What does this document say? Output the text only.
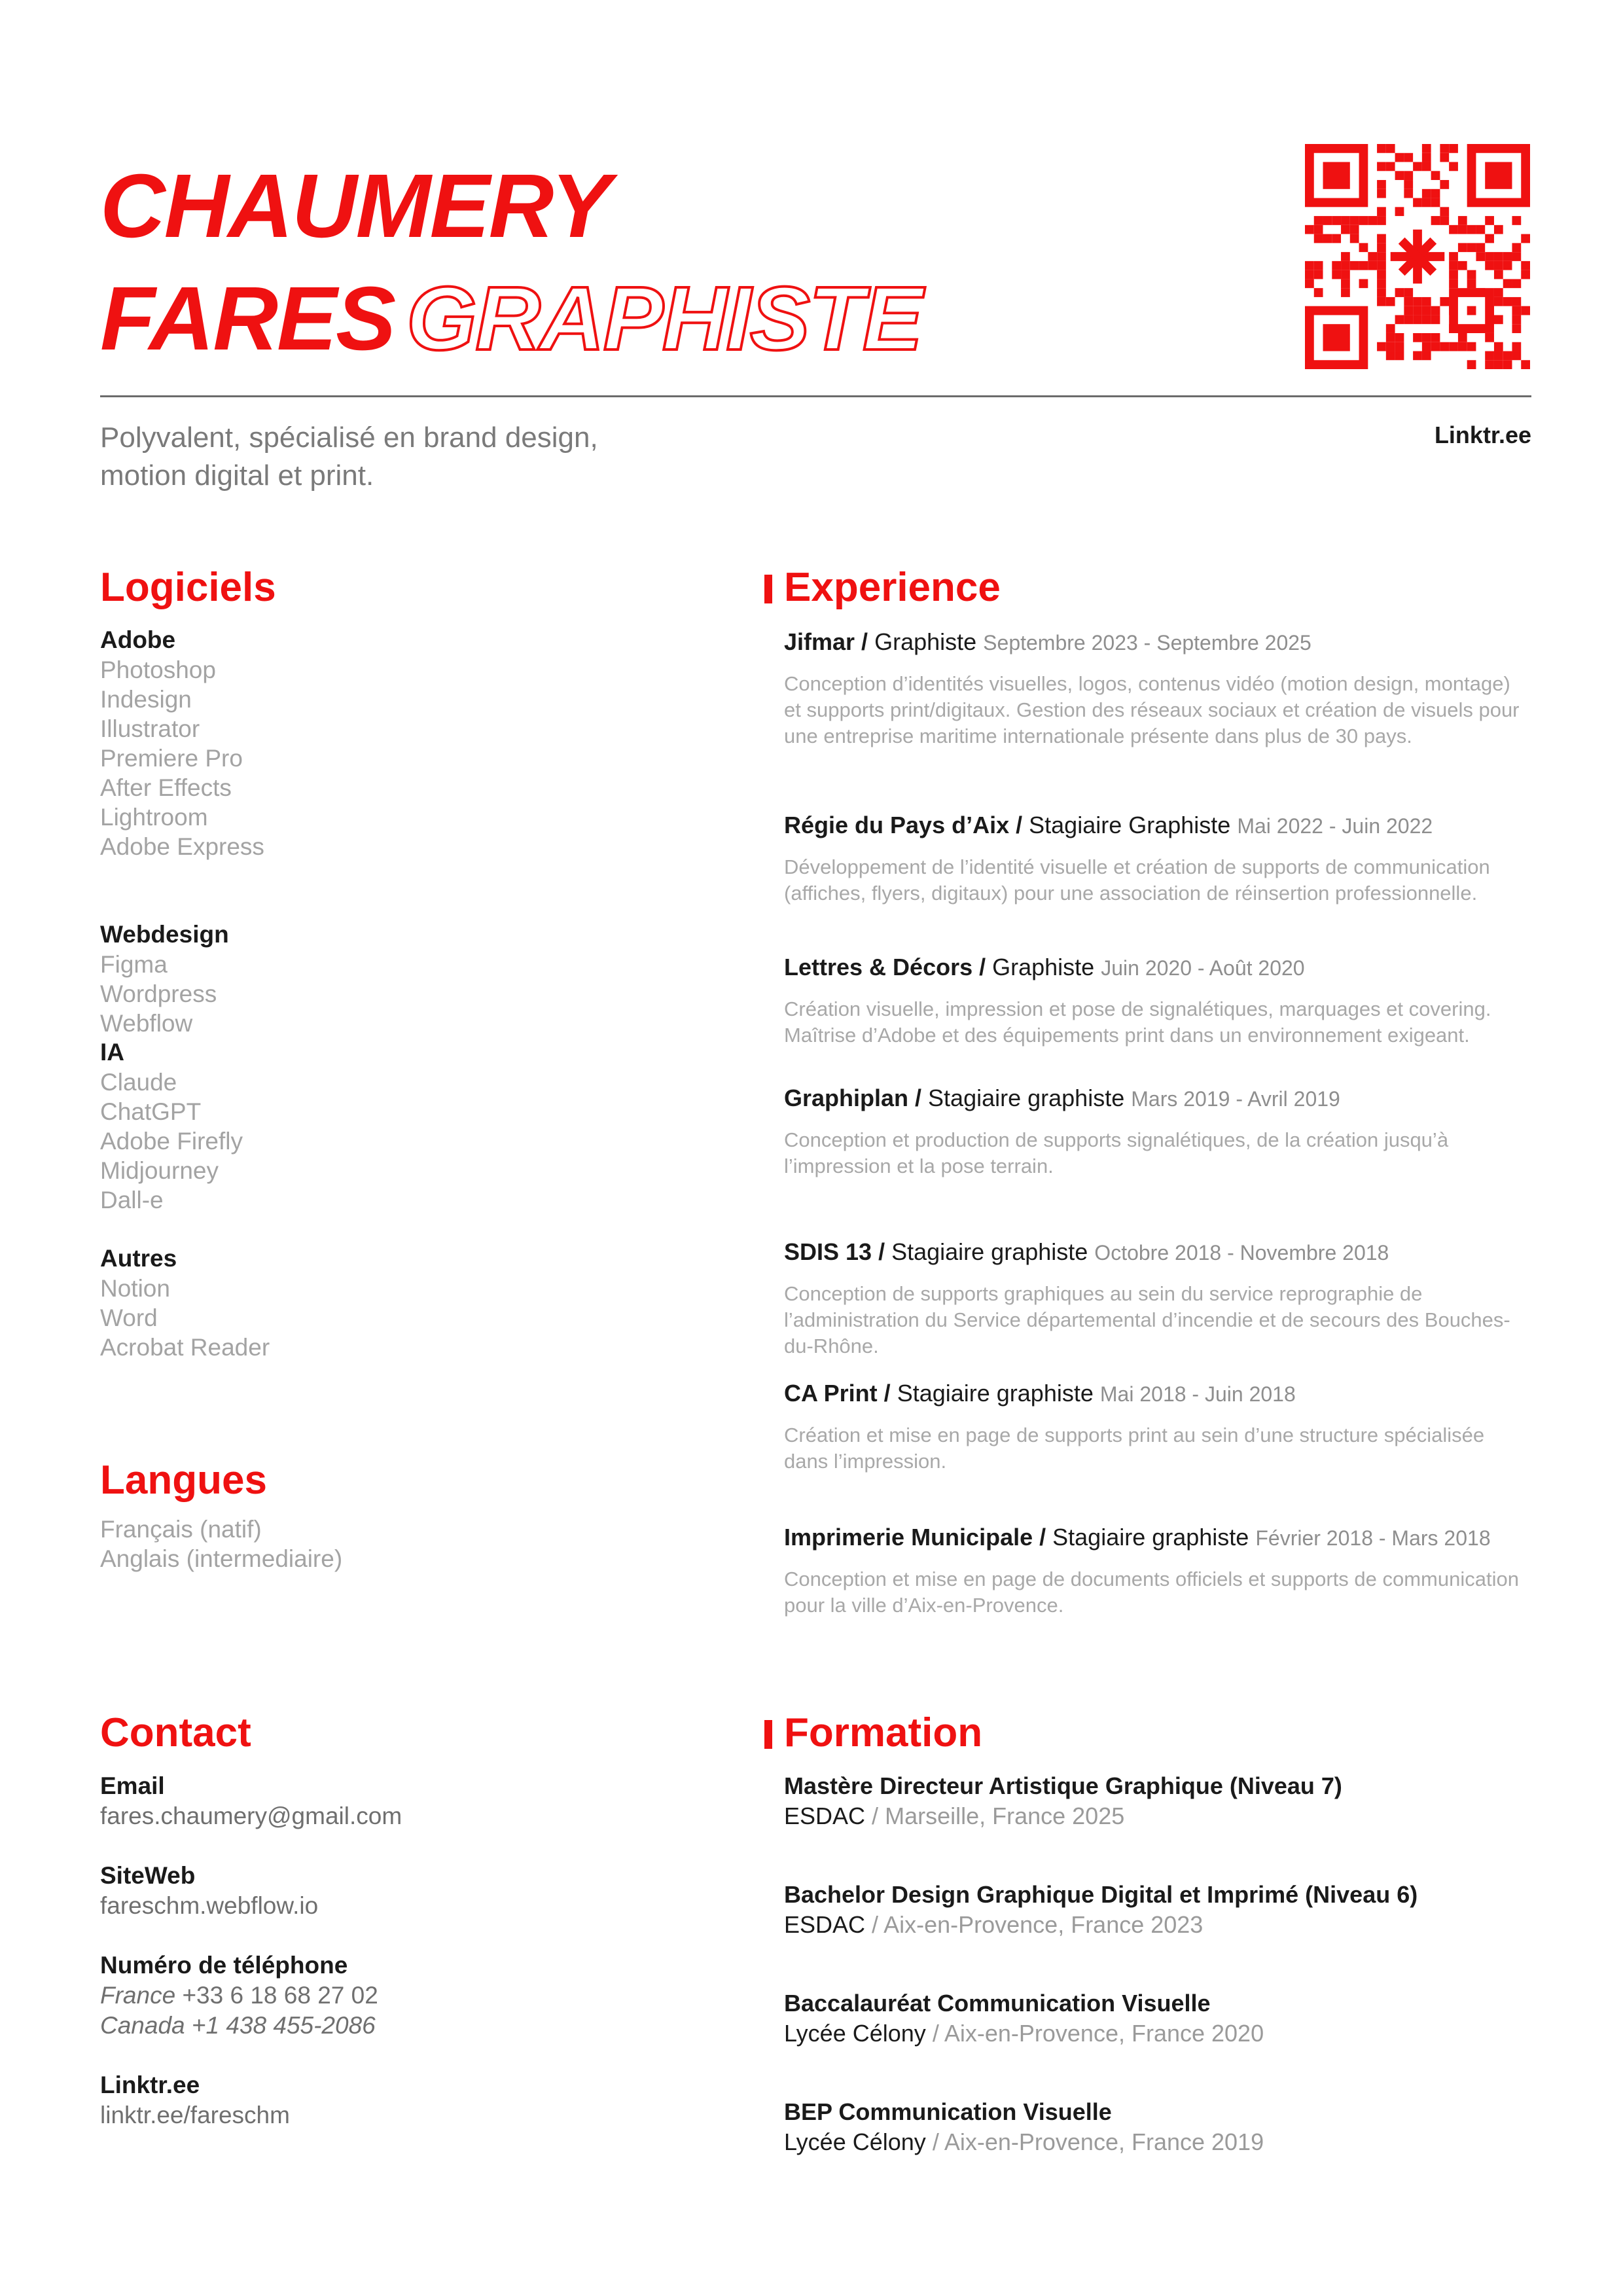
CHAUMERY
FARES GRAPHISTE
Polyvalent, spécialisé en brand design,
motion digital et print.
Linktr.ee
Logiciels
Adobe
Photoshop
Indesign
Illustrator
Premiere Pro
After Effects
Lightroom
Adobe Express
Webdesign
Figma
Wordpress
Webflow
IA
Claude
ChatGPT
Adobe Firefly
Midjourney
Dall-e
Autres
Notion
Word
Acrobat Reader
Langues
Français (natif)
Anglais (intermediaire)
Contact
Email
fares.chaumery@gmail.com
SiteWeb
fareschm.webflow.io
Numéro de téléphone
France +33 6 18 68 27 02
Canada +1 438 455-2086
Linktr.ee
linktr.ee/fareschm
Experience
Jifmar / Graphiste Septembre 2023 - Septembre 2025
Conception d’identités visuelles, logos, contenus vidéo (motion design, montage) et supports print/digitaux. Gestion des réseaux sociaux et création de visuels pour une entreprise maritime internationale présente dans plus de 30 pays.
Régie du Pays d’Aix / Stagiaire Graphiste Mai 2022 - Juin 2022
Développement de l’identité visuelle et création de supports de communication (affiches, flyers, digitaux) pour une association de réinsertion professionnelle.
Lettres & Décors / Graphiste Juin 2020 - Août 2020
Création visuelle, impression et pose de signalétiques, marquages et covering. Maîtrise d’Adobe et des équipements print dans un environnement exigeant.
Graphiplan / Stagiaire graphiste Mars 2019 - Avril 2019
Conception et production de supports signalétiques, de la création jusqu’à l’impression et la pose terrain.
SDIS 13 / Stagiaire graphiste Octobre 2018 - Novembre 2018
Conception de supports graphiques au sein du service reprographie de l’administration du Service départemental d’incendie et de secours des Bouches-du-Rhône.
CA Print / Stagiaire graphiste Mai 2018 - Juin 2018
Création et mise en page de supports print au sein d’une structure spécialisée dans l’impression.
Imprimerie Municipale / Stagiaire graphiste Février 2018 - Mars 2018
Conception et mise en page de documents officiels et supports de communication pour la ville d’Aix-en-Provence.
Formation
Mastère Directeur Artistique Graphique (Niveau 7)
ESDAC / Marseille, France 2025
Bachelor Design Graphique Digital et Imprimé (Niveau 6)
ESDAC / Aix-en-Provence, France 2023
Baccalauréat Communication Visuelle
Lycée Célony / Aix-en-Provence, France 2020
BEP Communication Visuelle
Lycée Célony / Aix-en-Provence, France 2019
